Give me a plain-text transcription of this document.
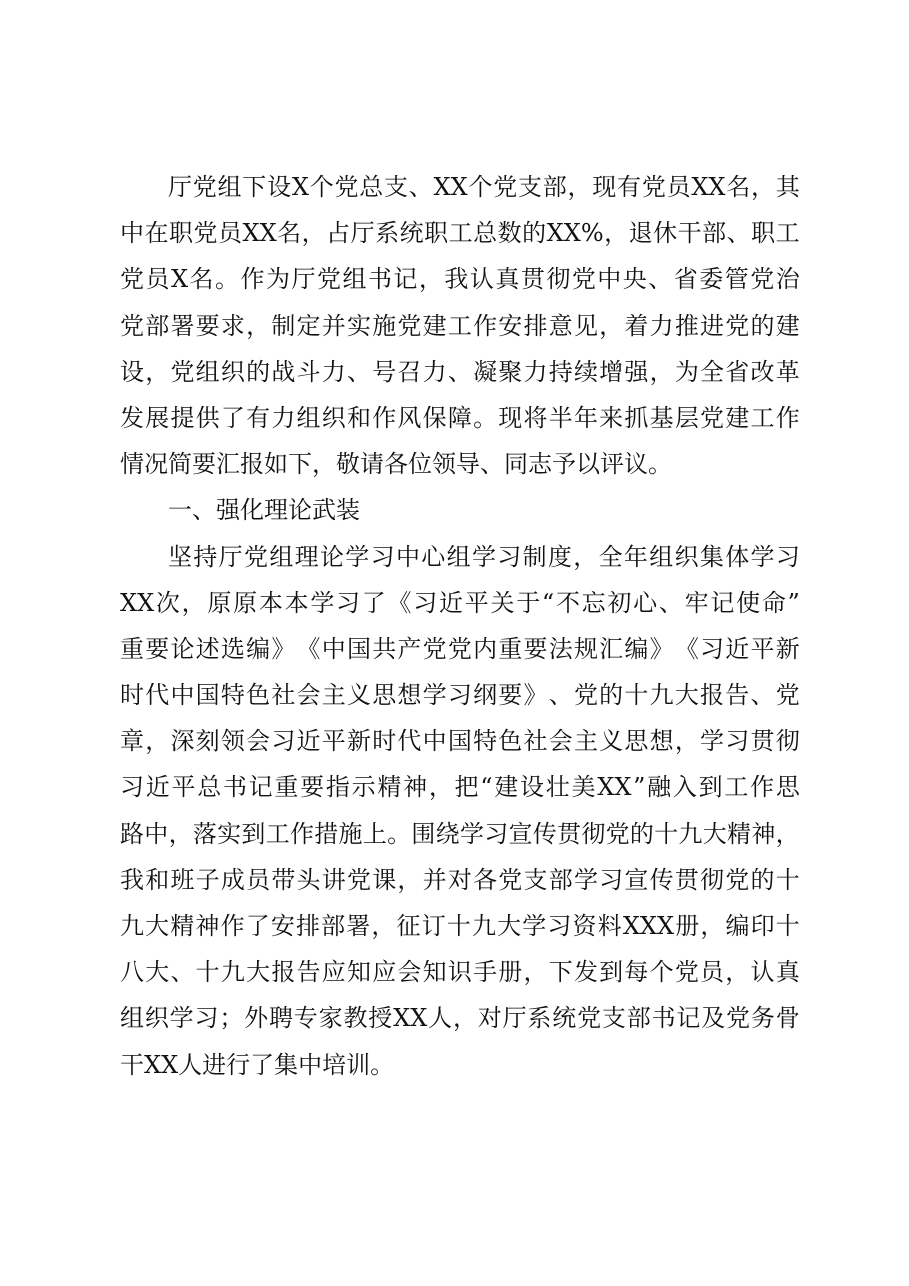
厅 党 组 下 设 X 个 党 总 支 、 XX 个 党 支 部 ， 现 有 党 员 XX 名 ， 其
中 在 职 党 员 XX 名 ， 占 厅 系 统 职 工 总 数 的 XX% ， 退 休 干 部 、 职 工
党 员 X 名 。 作 为 厅 党 组 书 记 ， 我 认 真 贯 彻 党 中 央 、 省 委 管 党 治
党 部 署 要 求 ， 制 定 并 实 施 党 建 工 作 安 排 意 见 ， 着 力 推 进 党 的 建
设 ， 党 组 织 的 战 斗 力 、 号 召 力 、 凝 聚 力 持 续 增 强 ， 为 全 省 改 革
发 展 提 供 了 有 力 组 织 和 作 风 保 障 。 现 将 半 年 来 抓 基 层 党 建 工 作
情况简要汇报如下，敬请各位领导、同志予以评议。
一、强化理论武装
坚 持 厅 党 组 理 论 学 习 中 心 组 学 习 制 度 ， 全 年 组 织 集 体 学 习
XX 次 ， 原 原 本 本 学 习 了 《 习 近 平 关 于 “ 不 忘 初 心 、 牢 记 使 命 ”
重 要 论 述 选 编 》 《 中 国 共 产 党 党 内 重 要 法 规 汇 编 》 《 习 近 平 新
时 代 中 国 特 色 社 会 主 义 思 想 学 习 纲 要 》 、 党 的 十 九 大 报 告 、 党
章 ， 深 刻 领 会 习 近 平 新 时 代 中 国 特 色 社 会 主 义 思 想 ， 学 习 贯 彻
习 近 平 总 书 记 重 要 指 示 精 神 ， 把 “ 建 设 壮 美 XX ” 融 入 到 工 作 思
路 中 ， 落 实 到 工 作 措 施 上 。 围 绕 学 习 宣 传 贯 彻 党 的 十 九 大 精 神 ，
我 和 班 子 成 员 带 头 讲 党 课 ， 并 对 各 党 支 部 学 习 宣 传 贯 彻 党 的 十
九 大 精 神 作 了 安 排 部 署 ， 征 订 十 九 大 学 习 资 料 XXX 册 ， 编 印 十
八 大 、 十 九 大 报 告 应 知 应 会 知 识 手 册 ， 下 发 到 每 个 党 员 ， 认 真
组 织 学 习 ； 外 聘 专 家 教 授 XX 人 ， 对 厅 系 统 党 支 部 书 记 及 党 务 骨
干XX人进行了集中培训。
